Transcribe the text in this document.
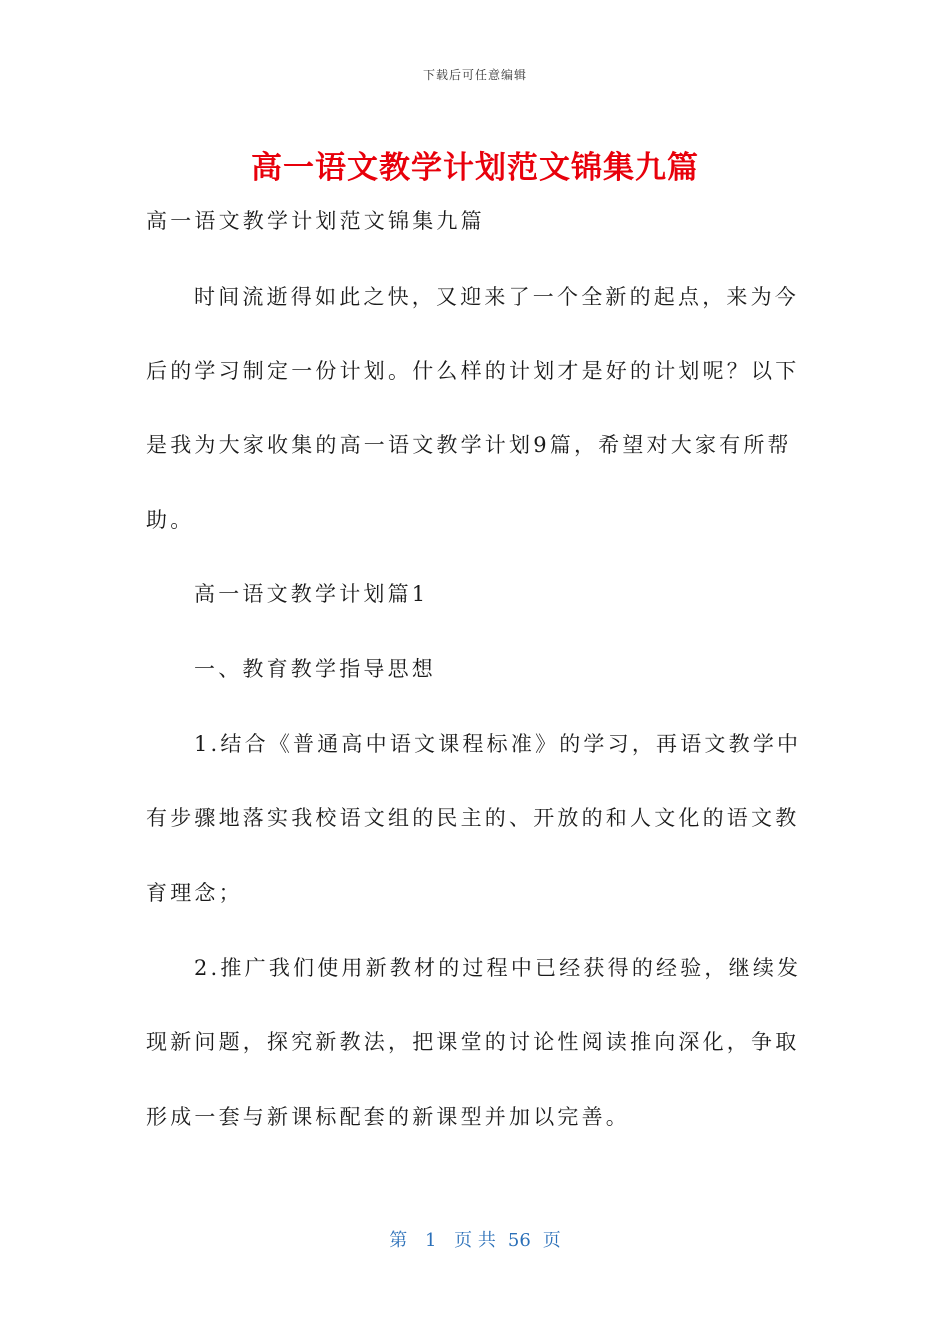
下载后可任意编辑
高一语文教学计划范文锦集九篇
高一语文教学计划范文锦集九篇
时间流逝得如此之快，又迎来了一个全新的起点，来为今
后的学习制定一份计划。什么样的计划才是好的计划呢？以下
是我为大家收集的高一语文教学计划9篇，希望对大家有所帮
助。
高一语文教学计划篇1
一、教育教学指导思想
1.结合《普通高中语文课程标准》的学习，再语文教学中
有步骤地落实我校语文组的民主的、开放的和人文化的语文教
育理念；
2.推广我们使用新教材的过程中已经获得的经验，继续发
现新问题，探究新教法，把课堂的讨论性阅读推向深化，争取
形成一套与新课标配套的新课型并加以完善。
第 1 页 共 56 页
